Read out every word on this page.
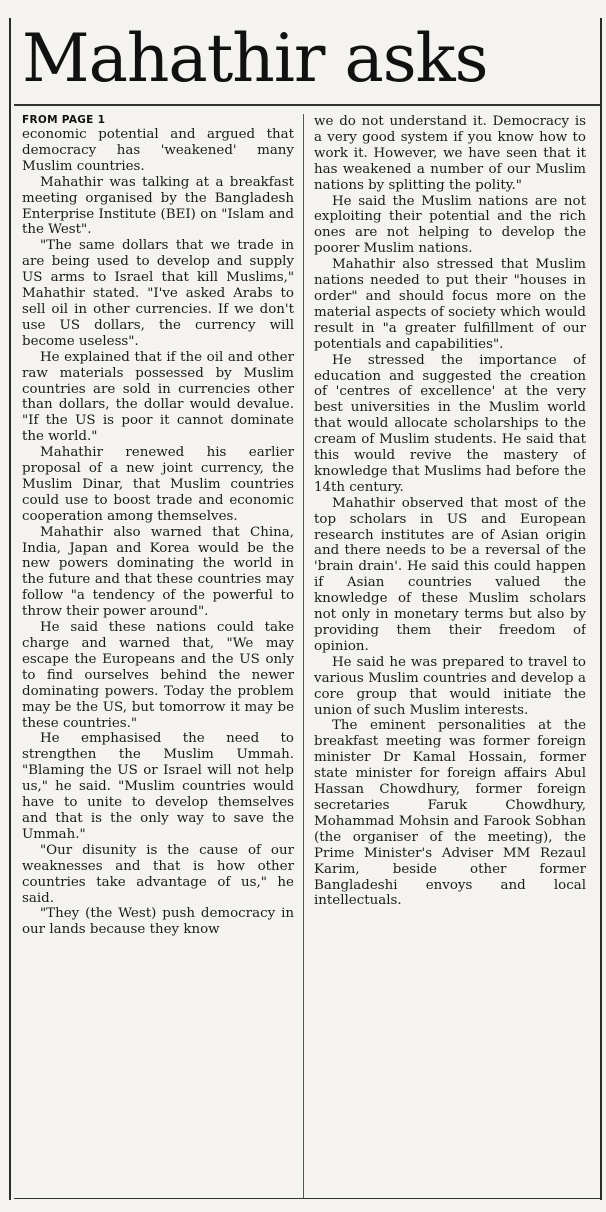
Mahathir asks

FROM PAGE 1
economic potential and argued that democracy has 'weakened' many Muslim countries.

Mahathir was talking at a breakfast meeting organised by the Bangladesh Enterprise Institute (BEI) on "Islam and the West".

"The same dollars that we trade in are being used to develop and supply US arms to Israel that kill Muslims," Mahathir stated. "I've asked Arabs to sell oil in other currencies. If we don't use US dollars, the currency will become useless".

He explained that if the oil and other raw materials possessed by Muslim countries are sold in currencies other than dollars, the dollar would devalue. "If the US is poor it cannot dominate the world."

Mahathir renewed his earlier proposal of a new joint currency, the Muslim Dinar, that Muslim countries could use to boost trade and economic cooperation among themselves.

Mahathir also warned that China, India, Japan and Korea would be the new powers dominating the world in the future and that these countries may follow "a tendency of the powerful to throw their power around".

He said these nations could take charge and warned that, "We may escape the Europeans and the US only to find ourselves behind the newer dominating powers. Today the problem may be the US, but tomorrow it may be these countries."

He emphasised the need to strengthen the Muslim Ummah. "Blaming the US or Israel will not help us," he said. "Muslim countries would have to unite to develop themselves and that is the only way to save the Ummah."

"Our disunity is the cause of our weaknesses and that is how other countries take advantage of us," he said.

"They (the West) push democracy in our lands because they know

we do not understand it. Democracy is a very good system if you know how to work it. However, we have seen that it has weakened a number of our Muslim nations by splitting the polity."

He said the Muslim nations are not exploiting their potential and the rich ones are not helping to develop the poorer Muslim nations.

Mahathir also stressed that Muslim nations needed to put their "houses in order" and should focus more on the material aspects of society which would result in "a greater fulfillment of our potentials and capabilities".

He stressed the importance of education and suggested the creation of 'centres of excellence' at the very best universities in the Muslim world that would allocate scholarships to the cream of Muslim students. He said that this would revive the mastery of knowledge that Muslims had before the 14th century.

Mahathir observed that most of the top scholars in US and European research institutes are of Asian origin and there needs to be a reversal of the 'brain drain'. He said this could happen if Asian countries valued the knowledge of these Muslim scholars not only in monetary terms but also by providing them their freedom of opinion.

He said he was prepared to travel to various Muslim countries and develop a core group that would initiate the union of such Muslim interests.

The eminent personalities at the breakfast meeting was former foreign minister Dr Kamal Hossain, former state minister for foreign affairs Abul Hassan Chowdhury, former foreign secretaries Faruk Chowdhury, Mohammad Mohsin and Farook Sobhan (the organiser of the meeting), the Prime Minister's Adviser MM Rezaul Karim, beside other former Bangladeshi envoys and local intellectuals.
